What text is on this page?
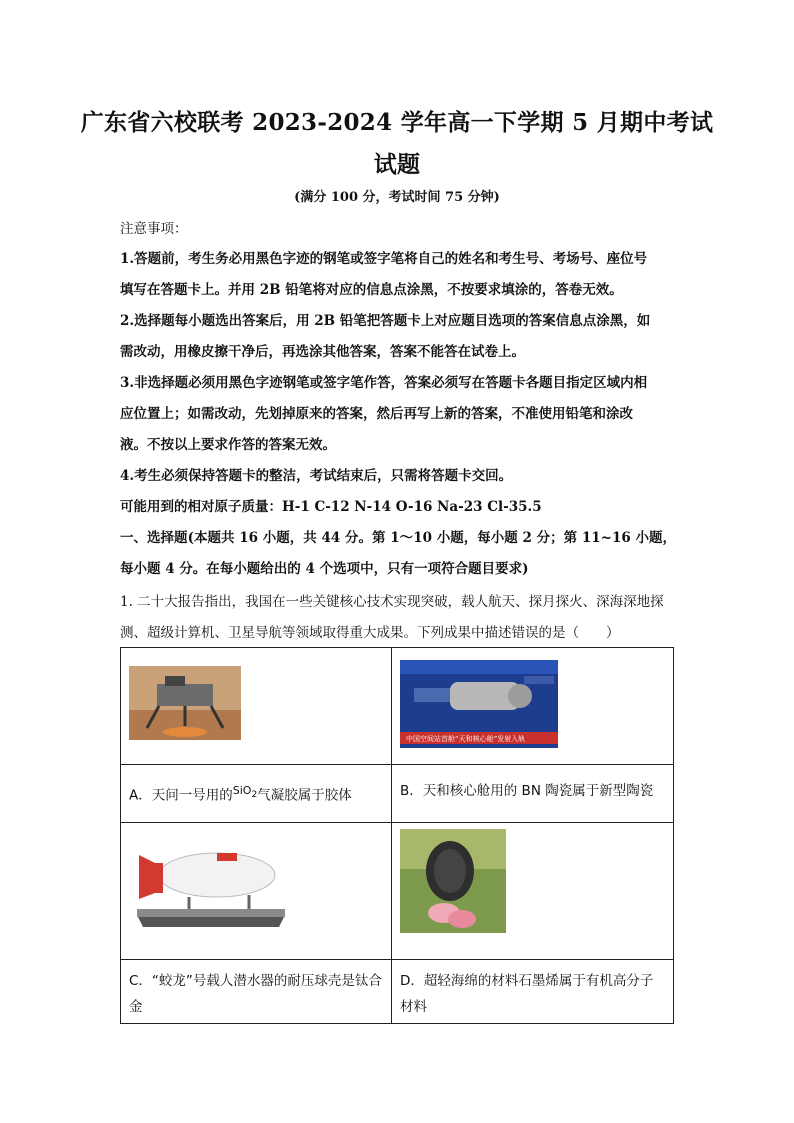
广东省六校联考 2023-2024 学年高一下学期 5 月期中考试
试题
(满分 100 分，考试时间 75 分钟)
注意事项：
1.答题前，考生务必用黑色字迹的钢笔或签字笔将自己的姓名和考生号、考场号、座位号
填写在答题卡上。并用 2B 铅笔将对应的信息点涂黑，不按要求填涂的，答卷无效。
2.选择题每小题选出答案后，用 2B 铅笔把答题卡上对应题目选项的答案信息点涂黑，如
需改动，用橡皮擦干净后，再选涂其他答案，答案不能答在试卷上。
3.非选择题必须用黑色字迹钢笔或签字笔作答，答案必须写在答题卡各题目指定区域内相
应位置上；如需改动，先划掉原来的答案，然后再写上新的答案，不准使用铅笔和涂改
液。不按以上要求作答的答案无效。
4.考生必须保持答题卡的整洁，考试结束后，只需将答题卡交回。
可能用到的相对原子质量：H-1 C-12 N-14 O-16 Na-23 Cl-35.5
一、选择题(本题共 16 小题，共 44 分。第 1～10 小题，每小题 2 分；第 11~16 小题，每小题 4 分。在每小题给出的 4 个选项中，只有一项符合题目要求)
1. 二十大报告指出，我国在一些关键核心技术实现突破，载人航天、探月探火、深海深地探测、超级计算机、卫星导航等领域取得重大成果。下列成果中描述错误的是（　　）

中国空间站首舱“天和核心舱”发射入轨

A．天问一号用的$^{SiO_2}$气凝胶属于胶体	B．天和核心舱用的 BN 陶瓷属于新型陶瓷

C．“蛟龙”号载人潜水器的耐压球壳是钛合金	D．超轻海绵的材料石墨烯属于有机高分子材料
